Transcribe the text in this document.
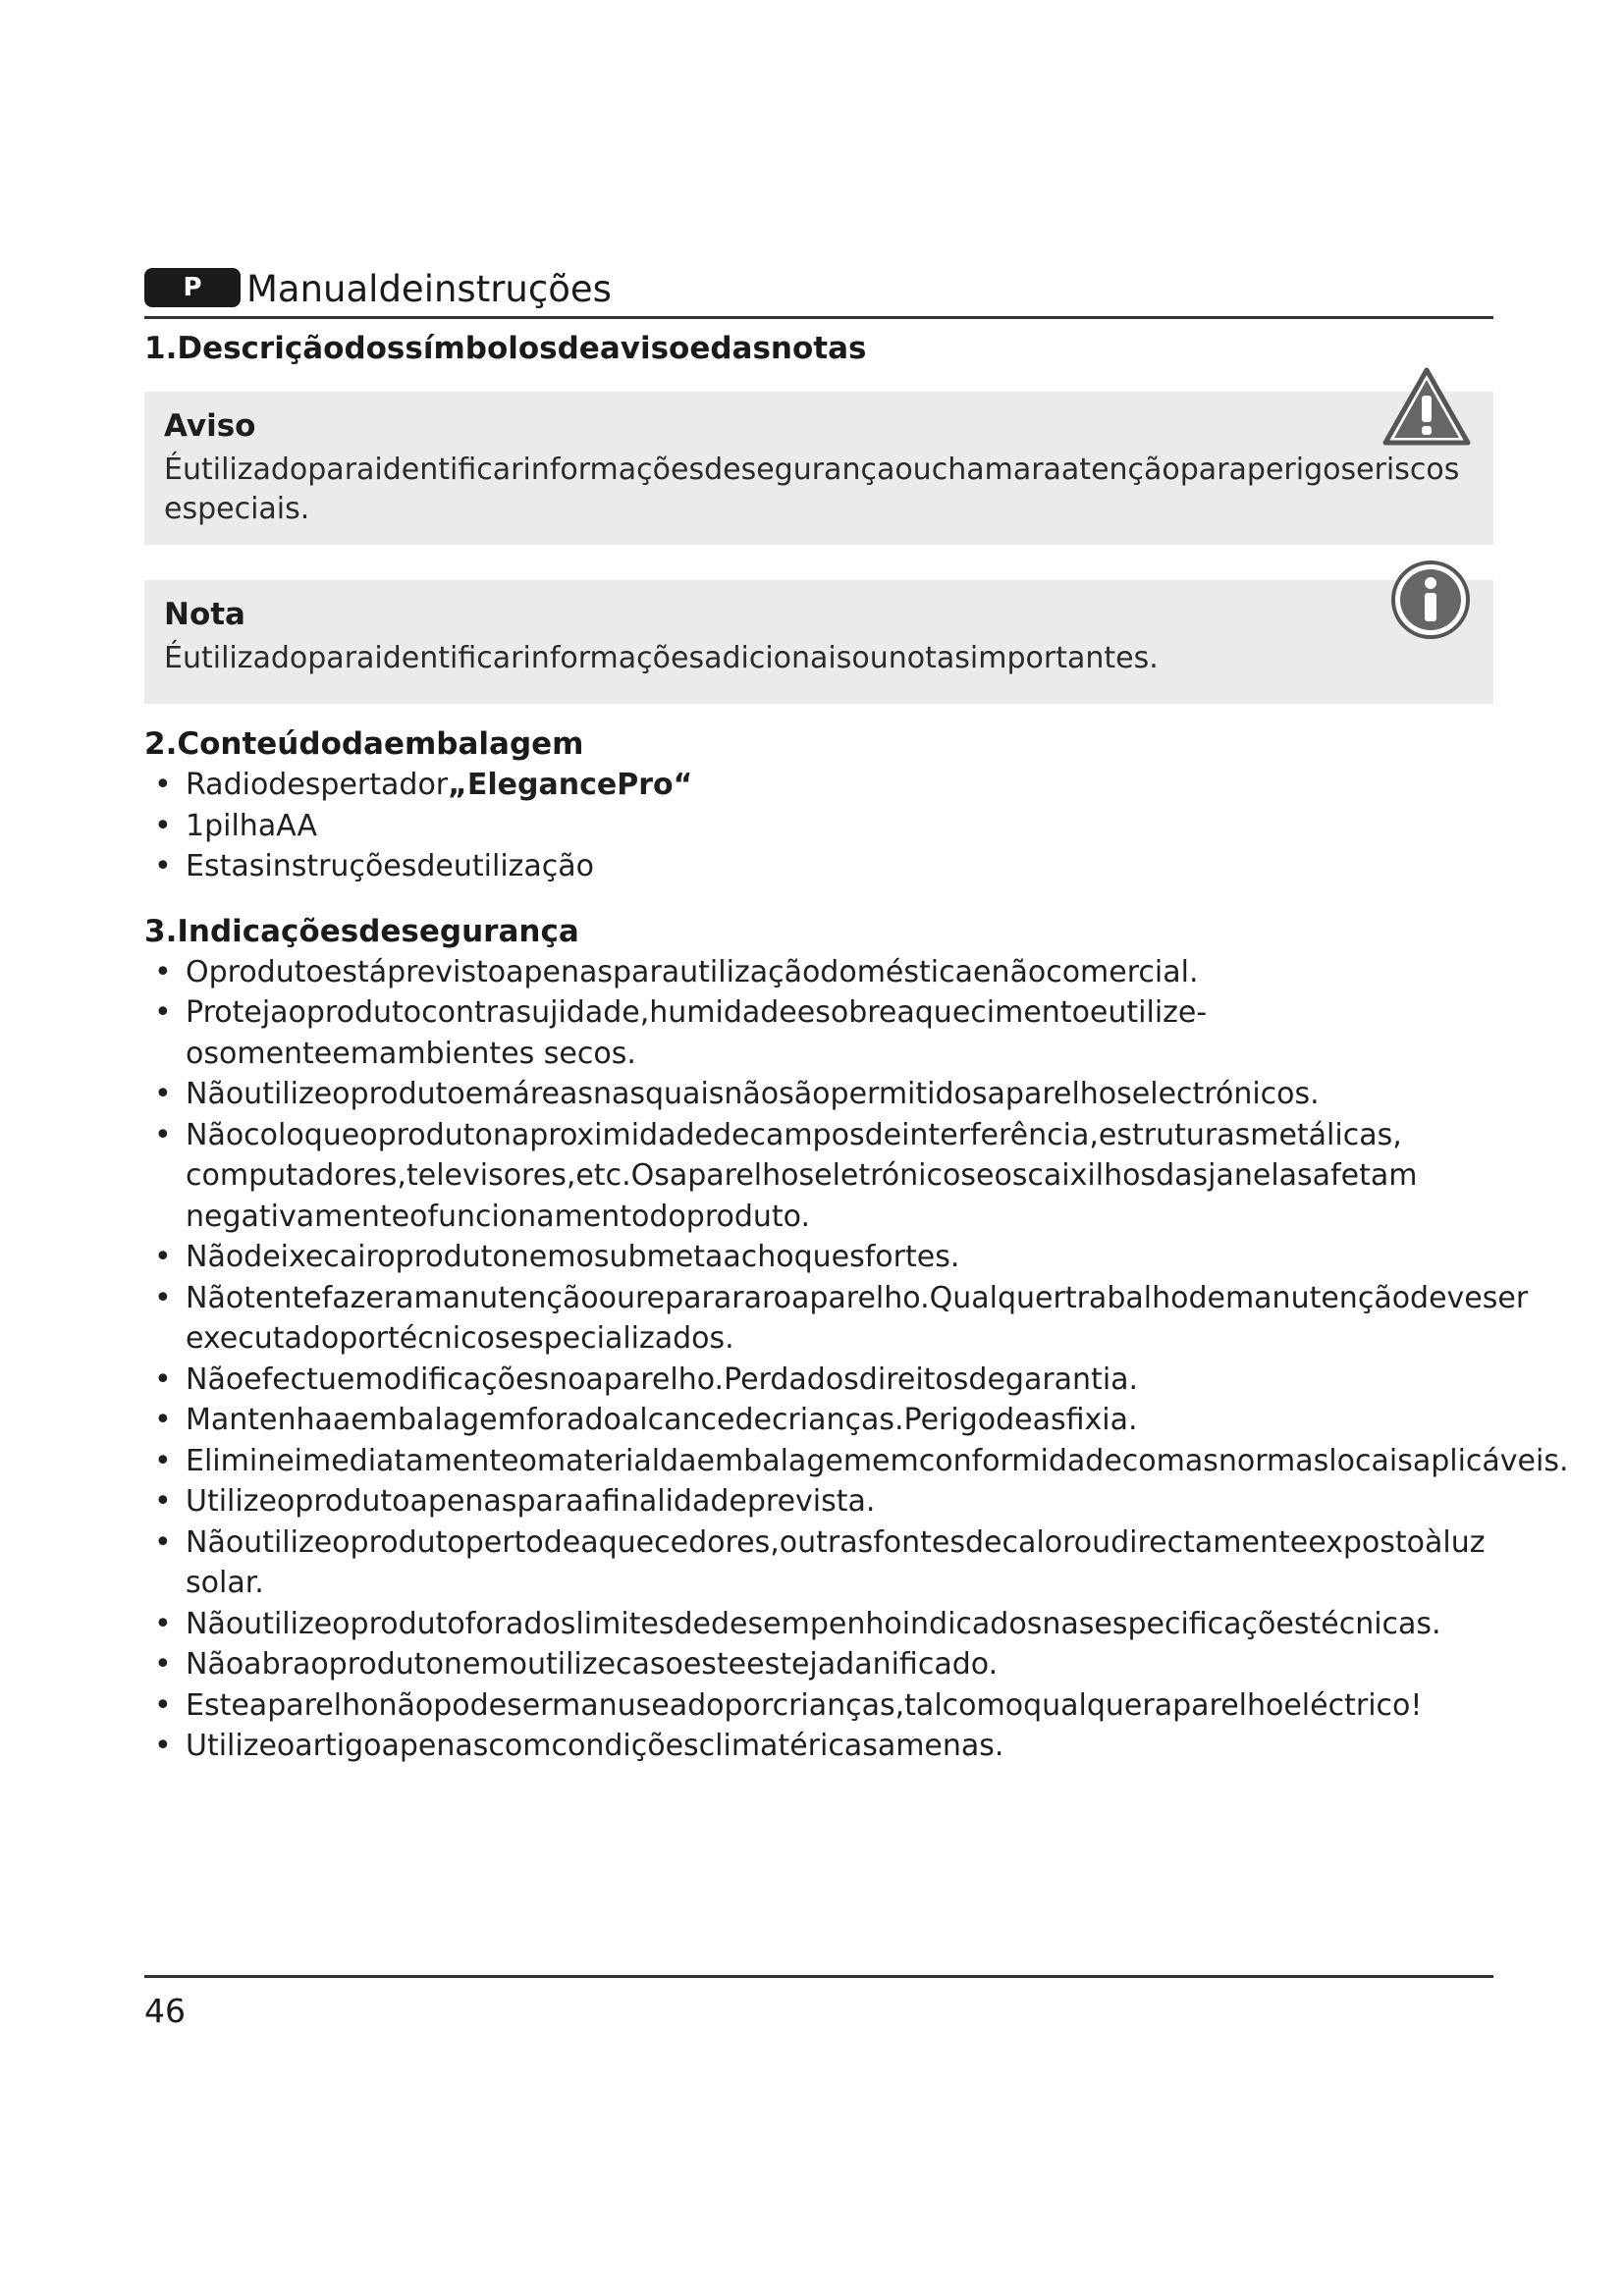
P	Manualdeinstruções
1.Descriçãodossímbolosdeavisoedasnotas
Aviso

Éutilizadoparaidentificarinformaçõesdesegurançaouchamaraatençãoparaperigoseriscos especiais.

Nota

Éutilizadoparaidentificarinformaçõesadicionaisounotasimportantes.

2.Conteúdodaembalagem
• Radiodespertador„ElegancePro“
• 1pilhaAA
• Estasinstruçõesdeutilização
3.Indicaçõesdesegurança
• Oprodutoestáprevistoapenasparautilizaçãodomésticaenãocomercial.
• Protejaoprodutocontrasujidade,humidadeesobreaquecimentoeutilize-osomenteemambientes secos.
• Nãoutilizeoprodutoemáreasnasquaisnãosãopermitidosaparelhoselectrónicos.
• Nãocoloqueoprodutonaproximidadedecamposdeinterferência,estruturasmetálicas, computadores,televisores,etc.Osaparelhoseletrónicoseoscaixilhosdasjanelasafetam negativamenteofuncionamentodoproduto.
• Nãodeixecairoprodutonemosubmetaachoquesfortes.
• Nãotentefazeramanutençãooureparararoaparelho.Qualquertrabalhodemanutençãodeveser executadoportécnicosespecializados.
• Nãoefectuemodificaçõesnoaparelho.Perdadosdireitosdegarantia.
• Mantenhaaembalagemforadoalcancedecrianças.Perigodeasfixia.
• Elimineimediatamenteomaterialdaembalagememconformidadecomasnormaslocaisaplicáveis.
• Utilizeoprodutoapenasparaafinalidadeprevista.
• Nãoutilizeoprodutopertodeaquecedores,outrasfontesdecaloroudirectamenteexpostoàluz solar.
• Nãoutilizeoprodutoforadoslimitesdedesempenhoindicadosnasespecificaçõestécnicas.
• Nãoabraoprodutonemoutilizecasoesteestejadanificado.
• Esteaparelhonãopodesermanuseadoporcrianças,talcomoqualqueraparelhoeléctrico!
• Utilizeoartigoapenascomcondiçõesclimatéricasamenas.
46
